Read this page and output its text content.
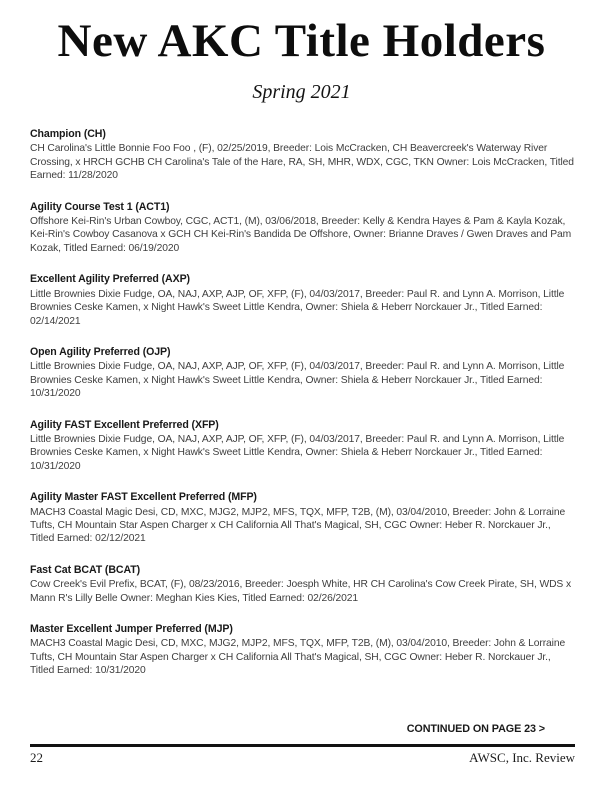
New AKC Title Holders
Spring 2021
Champion (CH)
CH Carolina's Little Bonnie Foo Foo , (F), 02/25/2019, Breeder: Lois McCracken, CH Beavercreek's Waterway River Crossing, x HRCH GCHB CH Carolina's Tale of the Hare, RA, SH, MHR, WDX, CGC, TKN Owner: Lois McCracken, Titled Earned: 11/28/2020
Agility Course Test 1 (ACT1)
Offshore Kei-Rin's Urban Cowboy, CGC, ACT1, (M), 03/06/2018, Breeder: Kelly & Kendra Hayes & Pam & Kayla Kozak, Kei-Rin's Cowboy Casanova x GCH CH Kei-Rin's Bandida De Offshore, Owner: Brianne Draves / Gwen Draves and Pam Kozak, Titled Earned: 06/19/2020
Excellent Agility Preferred (AXP)
Little Brownies Dixie Fudge, OA, NAJ, AXP, AJP, OF, XFP, (F), 04/03/2017, Breeder: Paul R. and Lynn A. Morrison, Little Brownies Ceske Kamen, x Night Hawk's Sweet Little Kendra, Owner: Shiela & Heberr Norckauer Jr., Titled Earned: 02/14/2021
Open Agility Preferred (OJP)
Little Brownies Dixie Fudge, OA, NAJ, AXP, AJP, OF, XFP, (F), 04/03/2017, Breeder: Paul R. and Lynn A. Morrison, Little Brownies Ceske Kamen, x Night Hawk's Sweet Little Kendra, Owner: Shiela & Heberr Norckauer Jr., Titled Earned: 10/31/2020
Agility FAST Excellent Preferred (XFP)
Little Brownies Dixie Fudge, OA, NAJ, AXP, AJP, OF, XFP, (F), 04/03/2017, Breeder: Paul R. and Lynn A. Morrison, Little Brownies Ceske Kamen, x Night Hawk's Sweet Little Kendra, Owner: Shiela & Heberr Norckauer Jr., Titled Earned: 10/31/2020
Agility Master FAST Excellent Preferred (MFP)
MACH3 Coastal Magic Desi, CD, MXC, MJG2, MJP2, MFS, TQX, MFP, T2B, (M), 03/04/2010, Breeder: John & Lorraine Tufts, CH Mountain Star Aspen Charger x CH California All That's Magical, SH, CGC Owner: Heber R. Norckauer Jr., Titled Earned: 02/12/2021
Fast Cat BCAT (BCAT)
Cow Creek's Evil Prefix, BCAT, (F), 08/23/2016, Breeder: Joesph White, HR CH Carolina's Cow Creek Pirate, SH, WDS x Mann R's Lilly Belle Owner: Meghan Kies Kies, Titled Earned: 02/26/2021
Master Excellent Jumper Preferred (MJP)
MACH3 Coastal Magic Desi, CD, MXC, MJG2, MJP2, MFS, TQX, MFP, T2B, (M), 03/04/2010, Breeder: John & Lorraine Tufts, CH Mountain Star Aspen Charger x CH California All That's Magical, SH, CGC Owner: Heber R. Norckauer Jr., Titled Earned: 10/31/2020
CONTINUED ON PAGE 23 >
22	AWSC, Inc. Review
